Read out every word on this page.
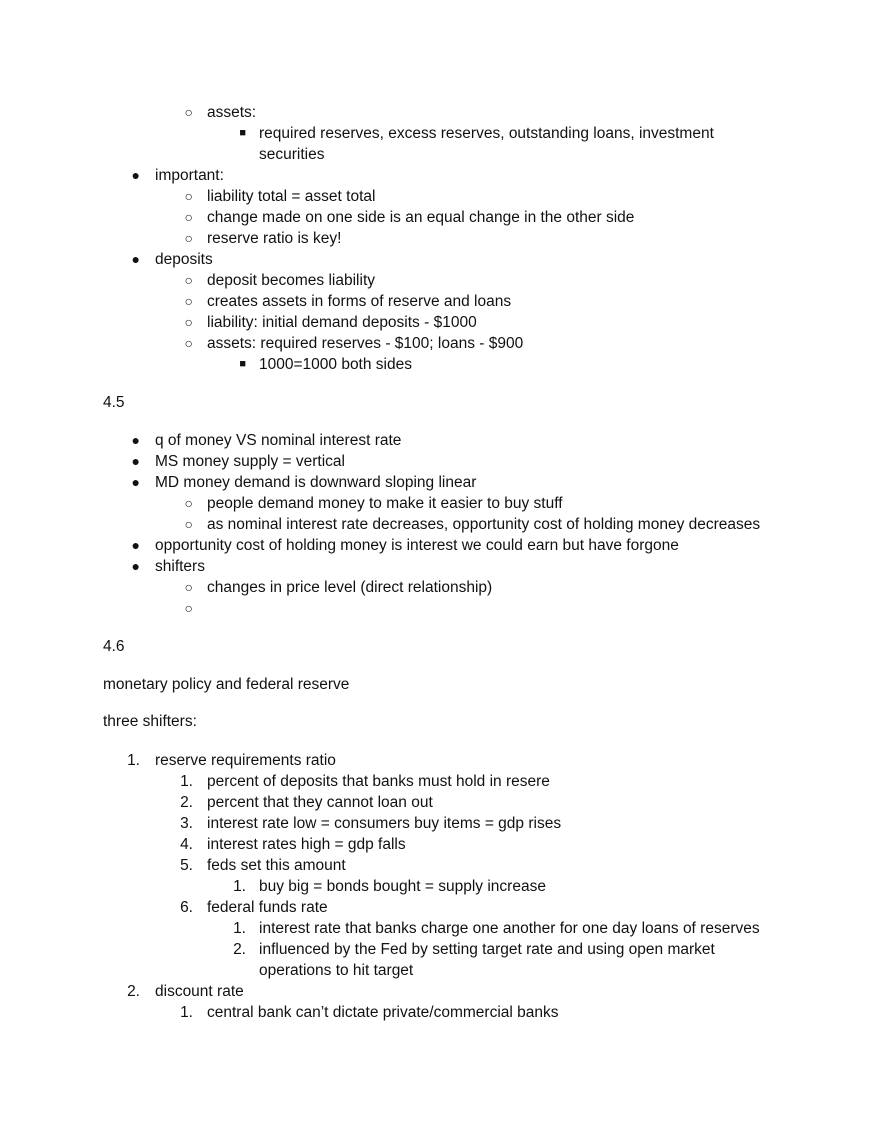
○ assets:
■ required reserves, excess reserves, outstanding loans, investment
securities
● important:
○ liability total = asset total
○ change made on one side is an equal change in the other side
○ reserve ratio is key!
● deposits
○ deposit becomes liability
○ creates assets in forms of reserve and loans
○ liability: initial demand deposits - $1000
○ assets: required reserves - $100; loans - $900
■ 1000=1000 both sides
4.5
● q of money VS nominal interest rate
● MS money supply = vertical
● MD money demand is downward sloping linear
○ people demand money to make it easier to buy stuff
○ as nominal interest rate decreases, opportunity cost of holding money decreases
● opportunity cost of holding money is interest we could earn but have forgone
● shifters
○ changes in price level (direct relationship)
○
4.6
monetary policy and federal reserve
three shifters:
1. reserve requirements ratio
1. percent of deposits that banks must hold in resere
2. percent that they cannot loan out
3. interest rate low = consumers buy items = gdp rises
4. interest rates high = gdp falls
5. feds set this amount
1. buy big = bonds bought = supply increase
6. federal funds rate
1. interest rate that banks charge one another for one day loans of reserves
2. influenced by the Fed by setting target rate and using open market
operations to hit target
2. discount rate
1. central bank can’t dictate private/commercial banks
